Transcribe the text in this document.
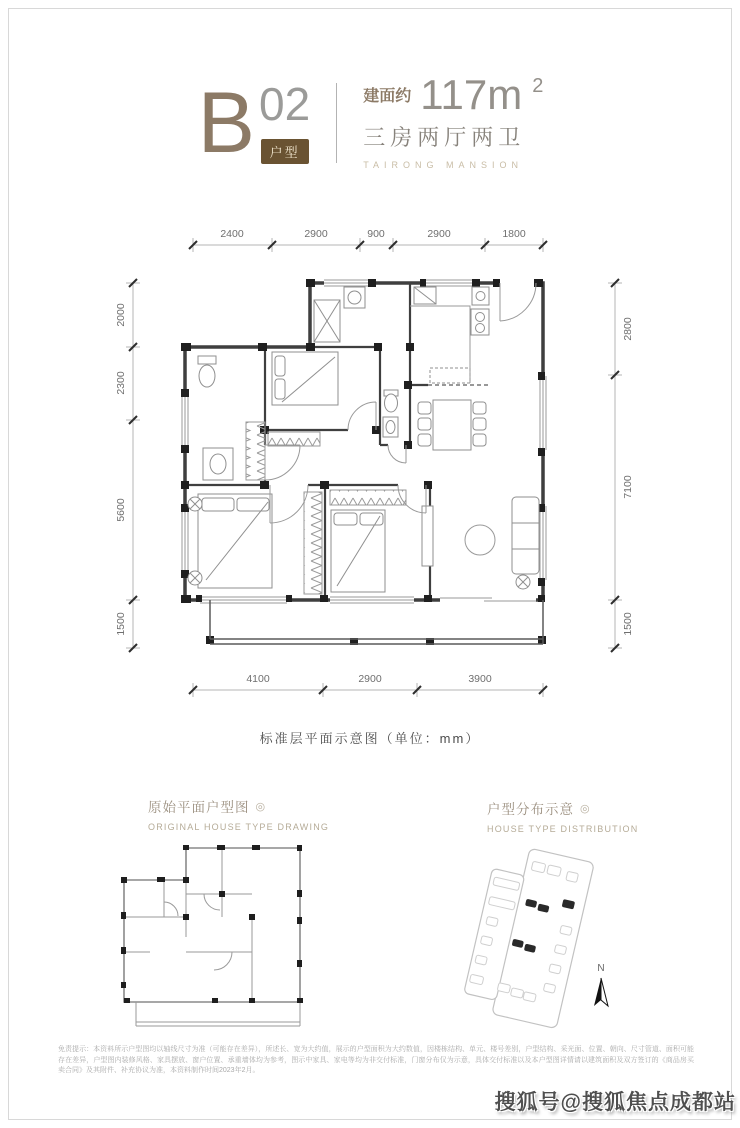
B 02
户型
建面约 117m 2
三房两厅两卫
TAIRONG MANSION
2400	2900	900	2900	1800
2000
2300
5600
1500
2800
7100
1500
4100	2900	3900
标准层平面示意图（单位：mm）
原始平面户型图 ◎
ORIGINAL HOUSE TYPE DRAWING
户型分布示意 ◎
HOUSE TYPE DISTRIBUTION
N
免责提示：本资料所示户型图均以轴线尺寸为准（可能存在差异），所述长、宽为大约值，展示的户型面积为大约数值，因楼栋结构、单元、楼号差别，户型结构、采光面、位置、朝向、尺寸管道、面积可能存在差异，户型图内装修风格、家具摆放、窗户位置、承重墙体均为参考，图示中家具、家电等均为非交付标准，门窗分布仅为示意，具体交付标准以及本户型图详情请以建筑面积及双方签订的《商品房买卖合同》及其附件、补充协议为准，本资料制作时间2023年2月。
搜狐号@搜狐焦点成都站
